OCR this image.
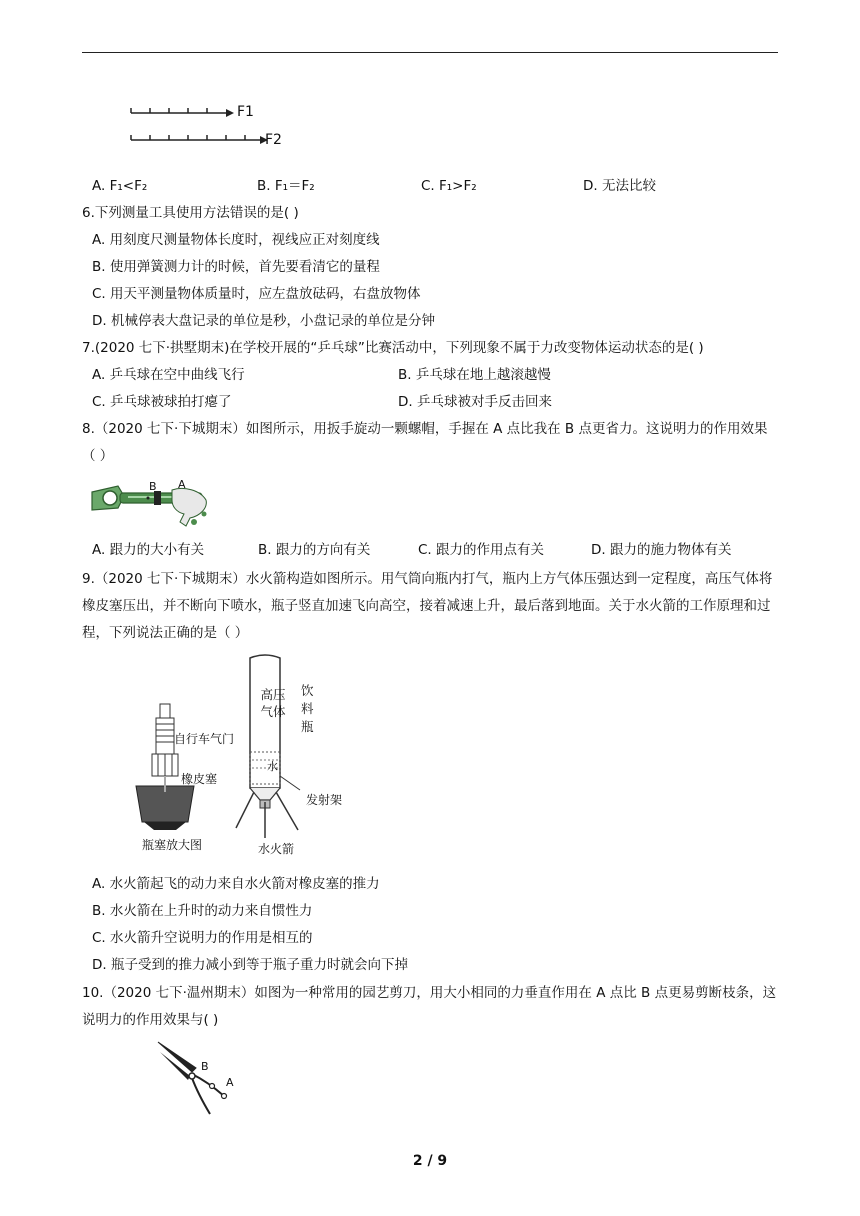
F1
F2
A. F₁<F₂	B. F₁＝F₂	C. F₁>F₂	D. 无法比较
6.下列测量工具使用方法错误的是( )
A. 用刻度尺测量物体长度时，视线应正对刻度线
B. 使用弹簧测力计的时候，首先要看清它的量程
C. 用天平测量物体质量时，应左盘放砝码，右盘放物体
D. 机械停表大盘记录的单位是秒，小盘记录的单位是分钟
7.(2020 七下·拱墅期末)在学校开展的“乒乓球”比赛活动中，下列现象不属于力改变物体运动状态的是( )
A. 乒乓球在空中曲线飞行	B. 乒乓球在地上越滚越慢
C. 乒乓球被球拍打瘪了	D. 乒乓球被对手反击回来
8.（2020 七下·下城期末）如图所示，用扳手旋动一颗螺帽，手握在 A 点比我在 B 点更省力。这说明力的作用效果（ ）
B A
A. 跟力的大小有关	B. 跟力的方向有关	C. 跟力的作用点有关	D. 跟力的施力物体有关
9.（2020 七下·下城期末）水火箭构造如图所示。用气筒向瓶内打气，瓶内上方气体压强达到一定程度，高压气体将橡皮塞压出，并不断向下喷水，瓶子竖直加速飞向高空，接着减速上升，最后落到地面。关于水火箭的工作原理和过程，下列说法正确的是（ ）
自行车气门
橡皮塞
瓶塞放大图
高压气体
饮料瓶
水
发射架
水火箭
A. 水火箭起飞的动力来自水火箭对橡皮塞的推力
B. 水火箭在上升时的动力来自惯性力
C. 水火箭升空说明力的作用是相互的
D. 瓶子受到的推力减小到等于瓶子重力时就会向下掉
10.（2020 七下·温州期末）如图为一种常用的园艺剪刀，用大小相同的力垂直作用在 A 点比 B 点更易剪断枝条，这说明力的作用效果与( )
B
A
2 / 9
